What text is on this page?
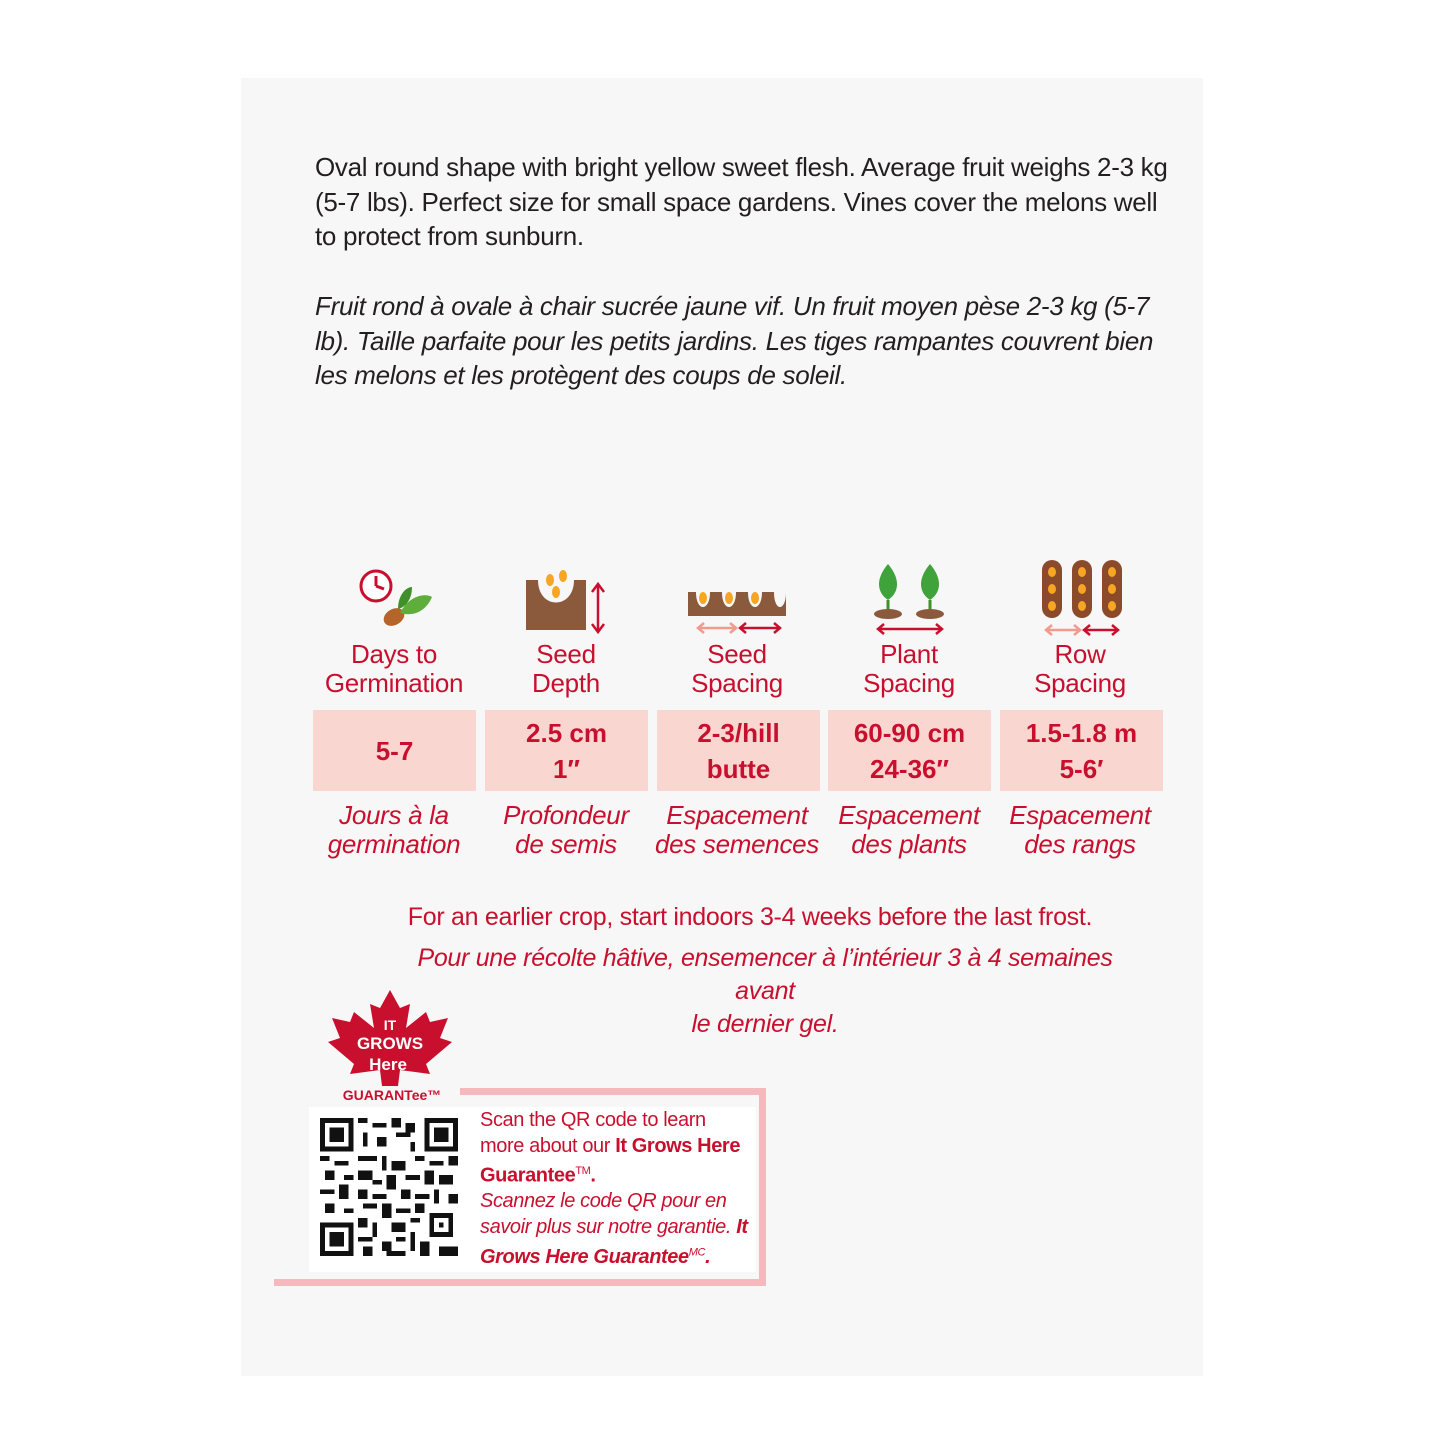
Oval round shape with bright yellow sweet flesh. Average fruit weighs 2-3 kg (5-7 lbs). Perfect size for small space gardens. Vines cover the melons well to protect from sunburn.

Fruit rond à ovale à chair sucrée jaune vif. Un fruit moyen pèse 2-3 kg (5-7 lb). Taille parfaite pour les petits jardins. Les tiges rampantes couvrent bien les melons et les protègent des coups de soleil.

Days to
Germination
5-7
Jours à la
germination
Seed
Depth
2.5 cm
1″
Profondeur
de semis
Seed
Spacing
2-3/hill
butte
Espacement
des semences
Plant
Spacing
60-90 cm
24-36″
Espacement
des plants
Row
Spacing
1.5-1.8 m
5-6′
Espacement
des rangs
For an earlier crop, start indoors 3-4 weeks before the last frost.
Pour une récolte hâtive, ensemencer à l’intérieur 3 à 4 semaines avant
le dernier gel.
IT
GROWS
Here
GUARANTee™
Scan the QR code to learn more about our It Grows Here Guarantee™.
Scannez le code QR pour en savoir plus sur notre garantie. It Grows Here Guarantee$^{MC}$.
